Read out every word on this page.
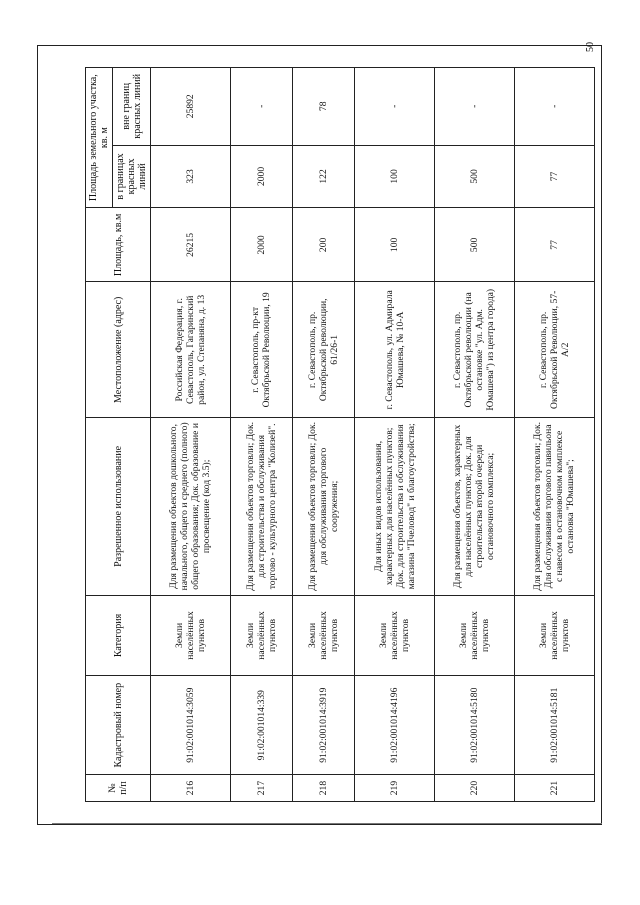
50
№ п/п	Кадастровый номер	Категория	Разрешенное использование	Местоположение (адрес)	Площадь, кв.м	Площадь земельного участка, кв. м	
						в границах красных линий	вне границ красных линий
216	91:02:001014:3059	Земли населённых пунктов	Для размещения объектов дошкольного, начального, общего и среднего (полного) общего образования; Док. образование и просвещение (код 3.5);	Российская Федерация, г. Севастополь, Гагаринский район, ул. Степаняна, д. 13	26215	323	25892
217	91:02:001014:339	Земли населённых пунктов	Для размещения объектов торговли; Док. для строительства и обслуживания торгово - культурного центра "Колизей".	г. Севастополь, пр-кт Октябрьской Революции, 19	2000	2000	-
218	91:02:001014:3919	Земли населённых пунктов	Для размещения объектов торговли; Док. для обслуживания торгового сооружения;	г. Севастополь, пр. Октябрьской революции, 61/26-1	200	122	78
219	91:02:001014:4196	Земли населённых пунктов	Для иных видов использования, характерных для населённых пунктов; Док. для строительства и обслуживания магазина "Пчеловод" и благоустройства;	г. Севастополь, ул. Адмирала Юмашева, № 10-А	100	100	-
220	91:02:001014:5180	Земли населённых пунктов	Для размещения объектов, характерных для населённых пунктов; Док. для строительства второй очереди остановочного комплекса;	г. Севастополь, пр. Октябрьской революции (на остановке "ул. Адм. Юмашева") из центра города)	500	500	-
221	91:02:001014:5181	Земли населённых пунктов	Для размещения объектов торговли; Док. Для обслуживания торгового павильона с навесом в остановочном комплексе остановка "Юмашева";	г. Севастополь, пр. Октябрьской Революции, 57-А/2	77	77	-
